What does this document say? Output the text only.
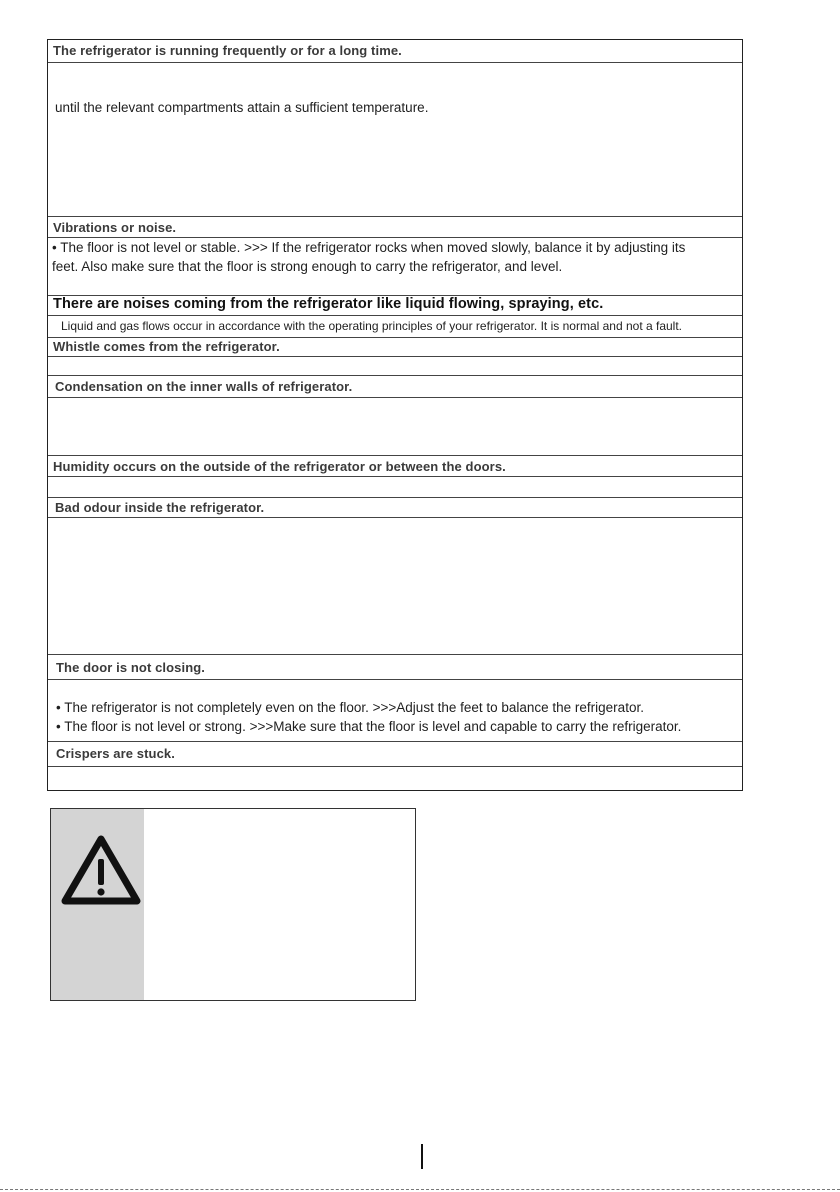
The refrigerator is running frequently or for a long time.
until the relevant compartments attain a sufficient temperature.
Vibrations or noise.
• The floor is not level or stable. >>> If the refrigerator rocks when moved slowly, balance it by adjusting its
feet. Also make sure that the floor is strong enough to carry the refrigerator, and level.
There are noises coming from the refrigerator like liquid flowing, spraying, etc.
Liquid and gas flows occur in accordance with the operating principles of your refrigerator. It is normal and not a fault.
Whistle comes from the refrigerator.
Condensation on the inner walls of refrigerator.
Humidity occurs on the outside of the refrigerator or between the doors.
Bad odour inside the refrigerator.
The door is not closing.
• The refrigerator is not completely even on the floor. >>>Adjust the feet to balance the refrigerator.
• The floor is not level or strong. >>>Make sure that the floor is level and capable to carry the refrigerator.
Crispers are stuck.
